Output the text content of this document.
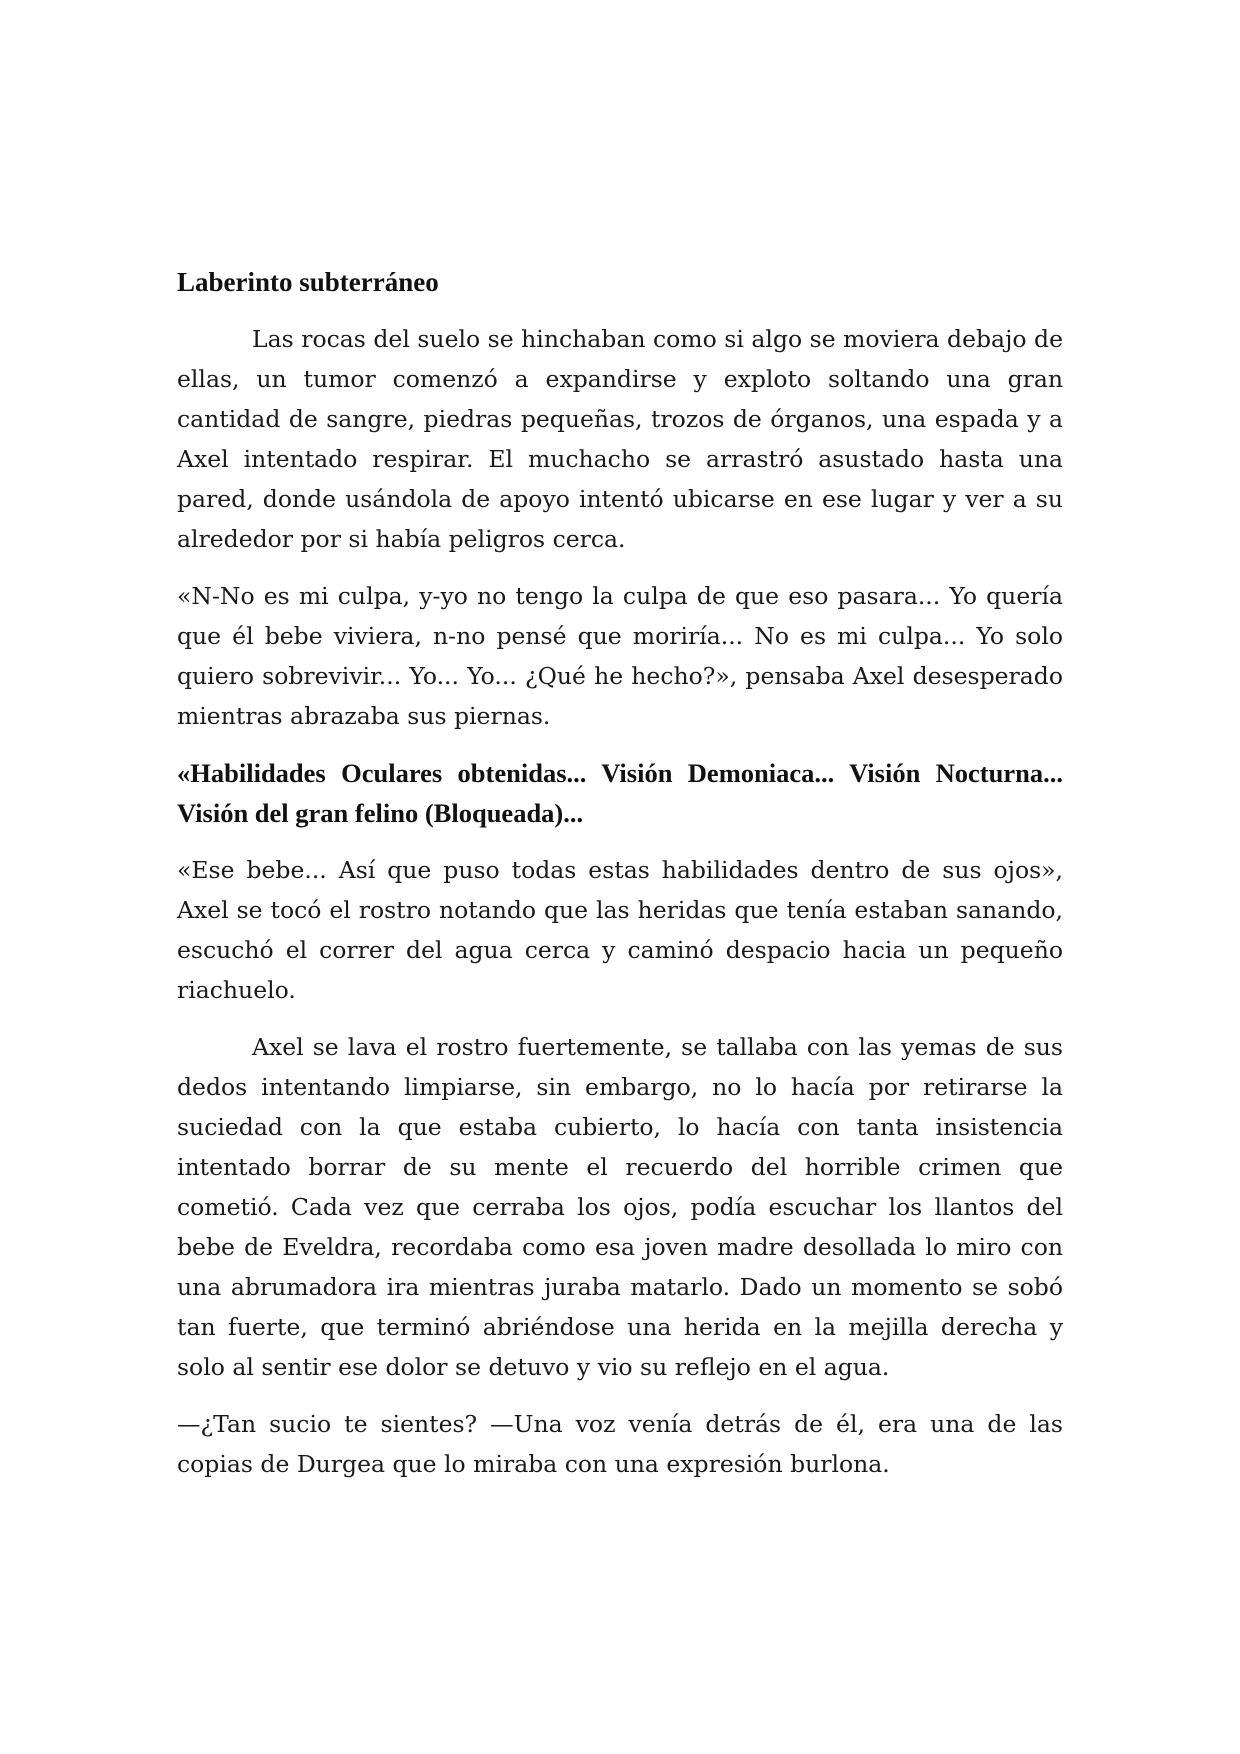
Laberinto subterráneo

Las rocas del suelo se hinchaban como si algo se moviera debajo de ellas, un tumor comenzó a expandirse y exploto soltando una gran cantidad de sangre, piedras pequeñas, trozos de órganos, una espada y a Axel intentado respirar. El muchacho se arrastró asustado hasta una pared, donde usándola de apoyo intentó ubicarse en ese lugar y ver a su alrededor por si había peligros cerca.

«N-No es mi culpa, y-yo no tengo la culpa de que eso pasara... Yo quería que él bebe viviera, n-no pensé que moriría... No es mi culpa... Yo solo quiero sobrevivir... Yo... Yo... ¿Qué he hecho?», pensaba Axel desesperado mientras abrazaba sus piernas.

«Habilidades Oculares obtenidas... Visión Demoniaca... Visión Nocturna... Visión del gran felino (Bloqueada)...

«Ese bebe... Así que puso todas estas habilidades dentro de sus ojos», Axel se tocó el rostro notando que las heridas que tenía estaban sanando, escuchó el correr del agua cerca y caminó despacio hacia un pequeño riachuelo.

Axel se lava el rostro fuertemente, se tallaba con las yemas de sus dedos intentando limpiarse, sin embargo, no lo hacía por retirarse la suciedad con la que estaba cubierto, lo hacía con tanta insistencia intentado borrar de su mente el recuerdo del horrible crimen que cometió. Cada vez que cerraba los ojos, podía escuchar los llantos del bebe de Eveldra, recordaba como esa joven madre desollada lo miro con una abrumadora ira mientras juraba matarlo. Dado un momento se sobó tan fuerte, que terminó abriéndose una herida en la mejilla derecha y solo al sentir ese dolor se detuvo y vio su reflejo en el agua.

—¿Tan sucio te sientes? —Una voz venía detrás de él, era una de las copias de Durgea que lo miraba con una expresión burlona.
